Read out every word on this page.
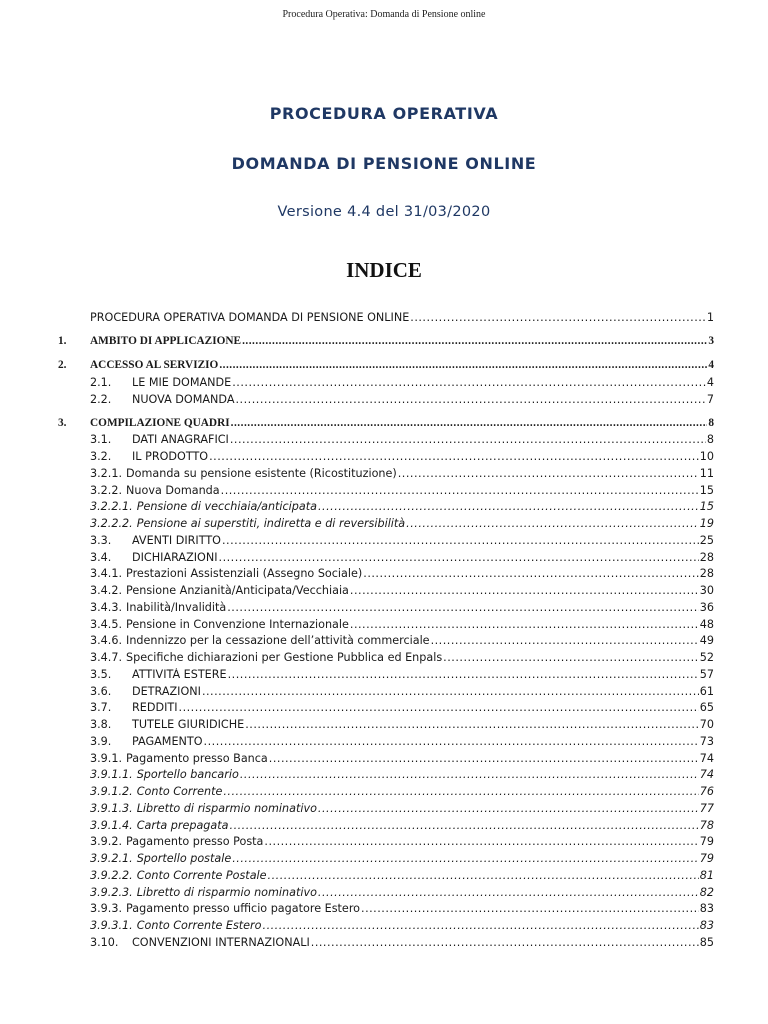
Procedura Operativa: Domanda di Pensione online
PROCEDURA OPERATIVA
DOMANDA DI PENSIONE ONLINE
Versione 4.4 del 31/03/2020
INDICE
PROCEDURA OPERATIVA DOMANDA DI PENSIONE ONLINE .....	1
1.	AMBITO DI APPLICAZIONE .....	3
2.	ACCESSO AL SERVIZIO .....	4
2.1.	LE MIE DOMANDE .....	4
2.2.	NUOVA DOMANDA .....	7
3.	COMPILAZIONE QUADRI .....	8
3.1.	DATI ANAGRAFICI .....	8
3.2.	IL PRODOTTO .....	10
3.2.1. Domanda su pensione esistente (Ricostituzione) .....	11
3.2.2. Nuova Domanda .....	15
3.2.2.1. Pensione di vecchiaia/anticipata .....	15
3.2.2.2. Pensione ai superstiti, indiretta e di reversibilità .....	19
3.3.	AVENTI DIRITTO .....	25
3.4.	DICHIARAZIONI .....	28
3.4.1. Prestazioni Assistenziali (Assegno Sociale) .....	28
3.4.2. Pensione Anzianità/Anticipata/Vecchiaia .....	30
3.4.3. Inabilità/Invalidità .....	36
3.4.5. Pensione in Convenzione Internazionale .....	48
3.4.6. Indennizzo per la cessazione dell’attività commerciale .....	49
3.4.7. Specifiche dichiarazioni per Gestione Pubblica ed Enpals .....	52
3.5.	ATTIVITÀ ESTERE .....	57
3.6.	DETRAZIONI .....	61
3.7.	REDDITI .....	65
3.8.	TUTELE GIURIDICHE .....	70
3.9.	PAGAMENTO .....	73
3.9.1. Pagamento presso Banca .....	74
3.9.1.1. Sportello bancario .....	74
3.9.1.2. Conto Corrente .....	76
3.9.1.3. Libretto di risparmio nominativo .....	77
3.9.1.4. Carta prepagata .....	78
3.9.2. Pagamento presso Posta .....	79
3.9.2.1. Sportello postale .....	79
3.9.2.2. Conto Corrente Postale .....	81
3.9.2.3. Libretto di risparmio nominativo .....	82
3.9.3. Pagamento presso ufficio pagatore Estero .....	83
3.9.3.1. Conto Corrente Estero .....	83
3.10.	CONVENZIONI INTERNAZIONALI .....	85
